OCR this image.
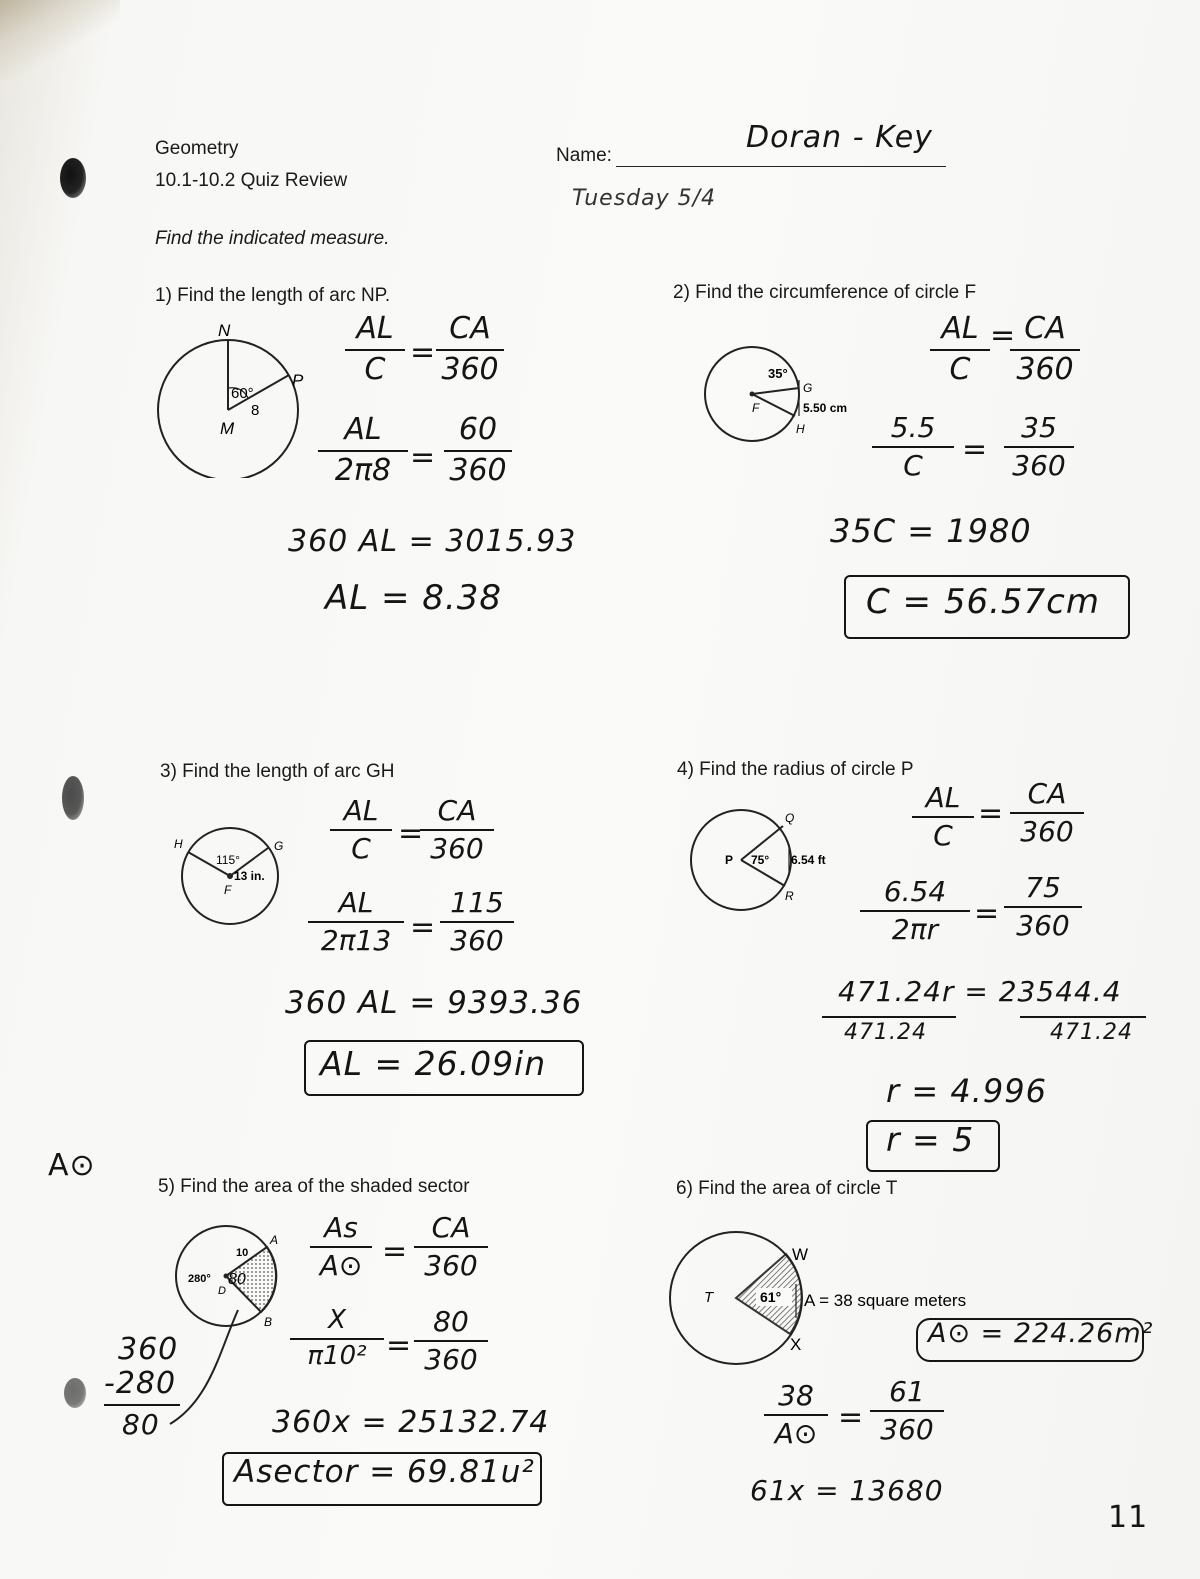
Geometry
10.1-10.2 Quiz Review
Name:
Doran - Key
Tuesday 5/4
Find the indicated measure.
1) Find the length of arc NP.
N
P
M
60°
8
AL
C =
CA
360
AL
2π8 =
60
360
360 AL = 3015.93
AL = 8.38
2) Find the circumference of circle F
35°
F
G
5.50 cm
H
AL
C
= CA
360
5.5
C	=
35
360
35C = 1980
C = 56.57cm
3) Find the length of arc GH
H	G
F
115°
13 in.
AL
C =
CA
360
AL
2π13 =
115
360
360 AL = 9393.36
AL = 26.09in
4) Find the radius of circle P
P 75°
Q
6.54 ft
R
AL
C
=
CA
360
6.54
2πr	=
75
360
471.24r = 23544.4
471.24	471.24
r = 4.996
r = 5
A⊙
5) Find the area of the shaded sector
280°
10
A
B
D
80
360
-280
80
As
A⊙ =
CA
360
X
π10² =
80
360
360x = 25132.74
Asector = 69.81u²
6) Find the area of circle T
T	61°
W
X
A = 38 square meters
A⊙ = 224.26m²
38
A⊙ =
61
360
61x = 13680
11
